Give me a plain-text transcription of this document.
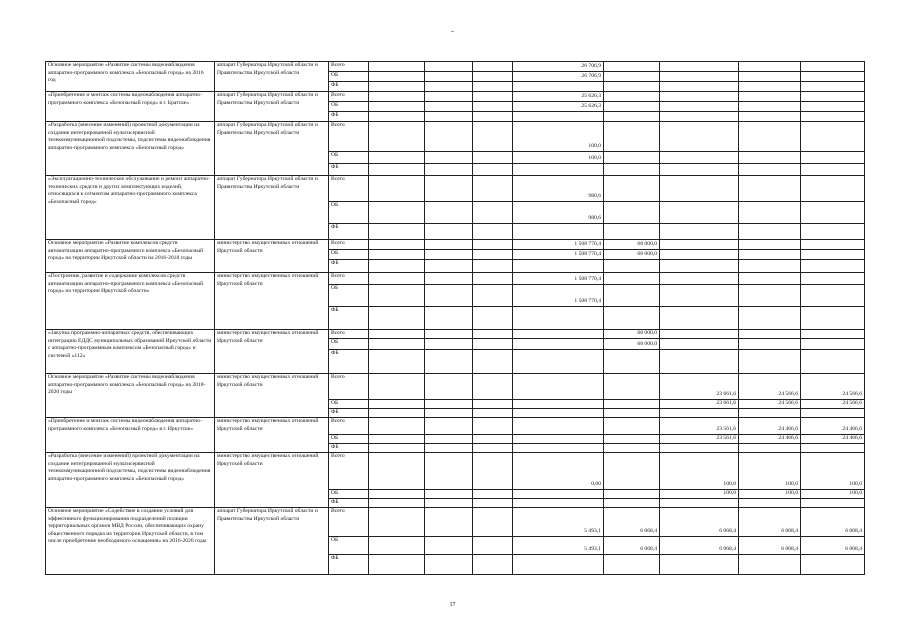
Основное мероприятие «Развитие системы видеонаблюдения аппаратно-программного комплекса «Безопасный город» на 2016 год	аппарат Губернатора Иркутской области и Правительства Иркутской области	Всего				26 706,9				
		ОБ				26 706,9				
		ФБ								
«Приобретение и монтаж системы видеонаблюдения аппаратно-программного комплекса «Безопасный город» в г. Братске»	аппарат Губернатора Иркутской области и Правительства Иркутской области	Всего				25 626,3				
		ОБ				25 626,3				
		ФБ								
«Разработка (внесение изменений) проектной документации на создание интегрированной мультисервисной телекоммуникационной подсистемы, подсистемы видеонаблюдения аппаратно-программного комплекса «Безопасный город»	аппарат Губернатора Иркутской области и Правительства Иркутской области	Всего				100,0				
		ОБ				100,0				
		ФБ								
«Эксплуатационно-техническое обслуживание и ремонт аппаратно-технических средств и других комплектующих изделий, относящихся к сегментам аппаратно-программного комплекса «Безопасный город»	аппарат Губернатора Иркутской области и Правительства Иркутской области	Всего				980,6				
		ОБ				980,6				
		ФБ								
Основное мероприятие «Развитие комплексов средств автоматизации аппаратно-программного комплекса «Безопасный город» на территории Иркутской области на 2016-2018 годы	министерство имущественных отношений Иркутской области	Всего				1 508 770,4	68 000,0			
		ОБ				1 508 770,4	68 000,0			
		ФБ								
«Построение, развитие и содержание комплексов средств автоматизации аппаратно-программного комплекса «Безопасный город» на территории Иркутской области»	министерство имущественных отношений Иркутской области	Всего				1 508 770,4				
		ОБ				1 508 770,4				
		ФБ								
«Закупка программно-аппаратных средств, обеспечивающих интеграцию ЕДДС муниципальных образований Иркутской области с аппаратно-программным комплексом «Безопасный город» и системой «112»	министерство имущественных отношений Иркутской области	Всего					68 000,0			
		ОБ					68 000,0			
		ФБ								
Основное мероприятие «Развитие системы видеонаблюдения аппаратно-программного комплекса «Безопасный город» на 2018-2020 годы	министерство имущественных отношений Иркутской области	Всего						23 661,6	24 566,6	24 566,6
		ОБ						23 661,6	24 566,6	24 566,6
		ФБ								
«Приобретение и монтаж системы видеонаблюдения аппаратно-программного комплекса «Безопасный город» в г. Иркутске»	министерство имущественных отношений Иркутской области	Всего						23 561,6	24 466,6	24 466,6
		ОБ						23 561,6	24 466,6	24 466,6
		ФБ								
«Разработка (внесение изменений) проектной документации на создание интегрированной мультисервисной телекоммуникационной подсистемы, подсистемы видеонаблюдения аппаратно-программного комплекса «Безопасный город»	министерство имущественных отношений Иркутской области	Всего				0,00		100,0	100,0	100,0
		ОБ						100,0	100,0	100,0
		ФБ								
Основное мероприятие «Содействие в создании условий для эффективного функционирования подразделений полиции территориальных органов МВД России, обеспечивающих охрану общественного порядка на территории Иркутской области, в том числе приобретение необходимого оснащения» на 2016-2020 годы	аппарат Губернатора Иркутской области и Правительства Иркутской области	Всего				5 493,1	6 068,4	6 068,4	6 068,4	6 068,4
		ОБ				5 493,1	6 068,4	6 068,4	6 068,4	6 068,4
		ФБ								
17
